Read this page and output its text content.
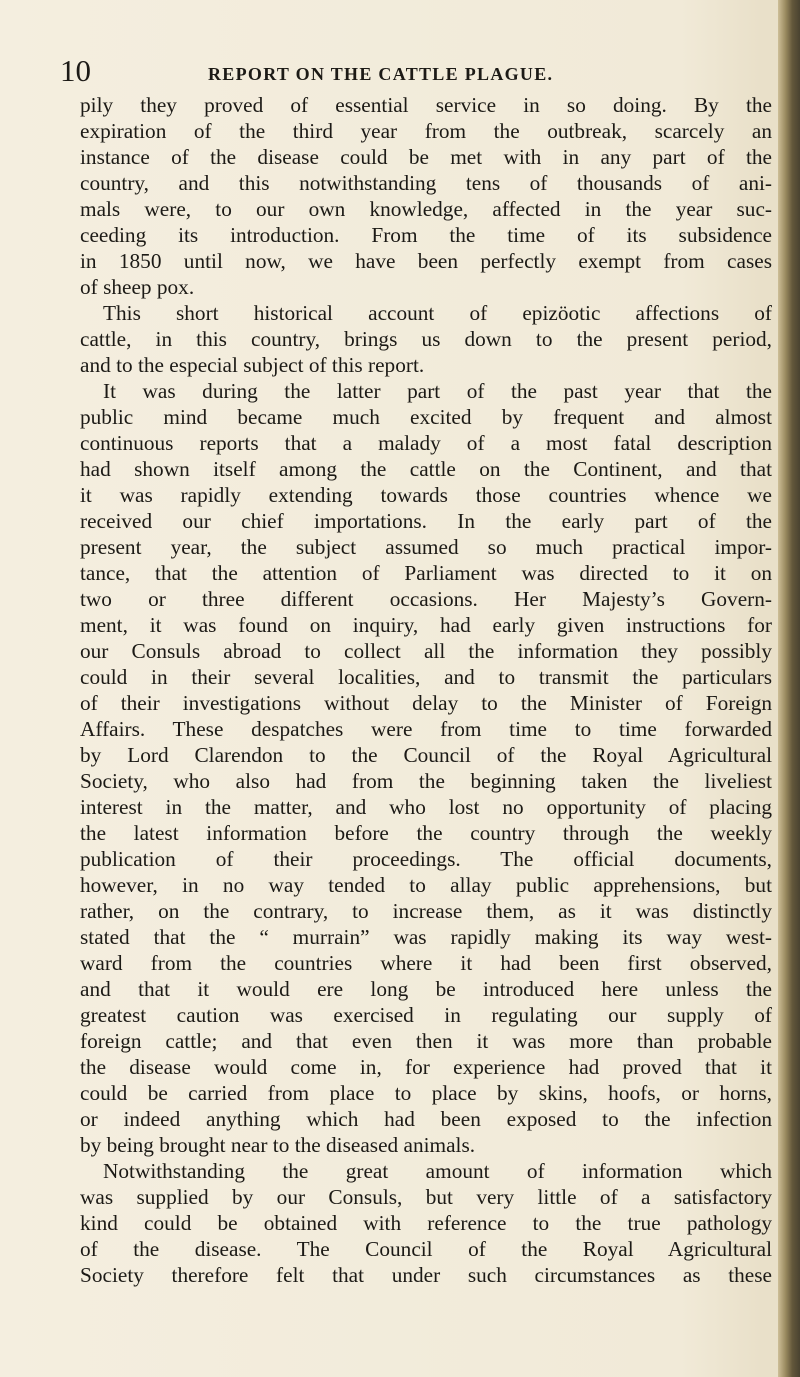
10	REPORT ON THE CATTLE PLAGUE.
pily they proved of essential service in so doing. By the
expiration of the third year from the outbreak, scarcely an
instance of the disease could be met with in any part of the
country, and this notwithstanding tens of thousands of ani-
mals were, to our own knowledge, affected in the year suc-
ceeding its introduction. From the time of its subsidence
in 1850 until now, we have been perfectly exempt from cases
of sheep pox.
This short historical account of epizöotic affections of
cattle, in this country, brings us down to the present period,
and to the especial subject of this report.
It was during the latter part of the past year that the
public mind became much excited by frequent and almost
continuous reports that a malady of a most fatal description
had shown itself among the cattle on the Continent, and that
it was rapidly extending towards those countries whence we
received our chief importations. In the early part of the
present year, the subject assumed so much practical impor-
tance, that the attention of Parliament was directed to it on
two or three different occasions. Her Majesty’s Govern-
ment, it was found on inquiry, had early given instructions for
our Consuls abroad to collect all the information they possibly
could in their several localities, and to transmit the particulars
of their investigations without delay to the Minister of Foreign
Affairs. These despatches were from time to time forwarded
by Lord Clarendon to the Council of the Royal Agricultural
Society, who also had from the beginning taken the liveliest
interest in the matter, and who lost no opportunity of placing
the latest information before the country through the weekly
publication of their proceedings. The official documents,
however, in no way tended to allay public apprehensions, but
rather, on the contrary, to increase them, as it was distinctly
stated that the “ murrain” was rapidly making its way west-
ward from the countries where it had been first observed,
and that it would ere long be introduced here unless the
greatest caution was exercised in regulating our supply of
foreign cattle; and that even then it was more than probable
the disease would come in, for experience had proved that it
could be carried from place to place by skins, hoofs, or horns,
or indeed anything which had been exposed to the infection
by being brought near to the diseased animals.
Notwithstanding the great amount of information which
was supplied by our Consuls, but very little of a satisfactory
kind could be obtained with reference to the true pathology
of the disease. The Council of the Royal Agricultural
Society therefore felt that under such circumstances as these
